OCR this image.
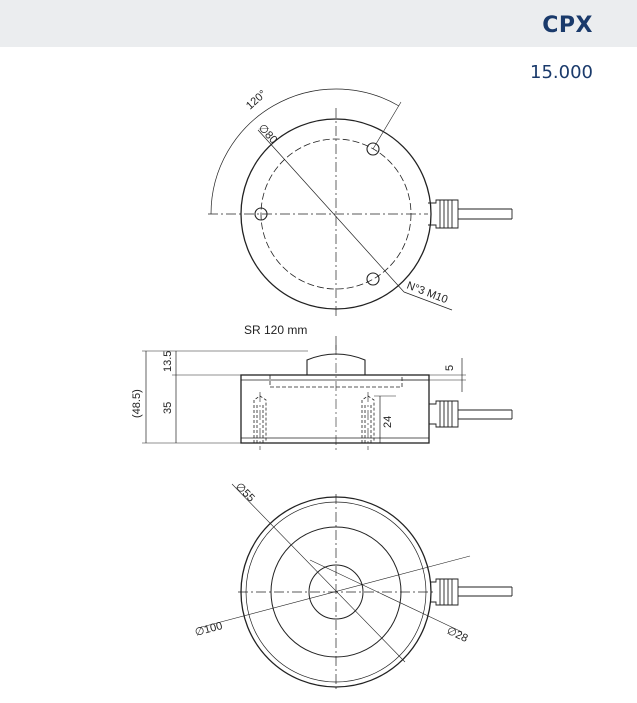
CPX
15.000
120°
∅80
N°3 M10
SR 120 mm
(48.5)
13.5
35
24
5
∅55
∅100	∅28
